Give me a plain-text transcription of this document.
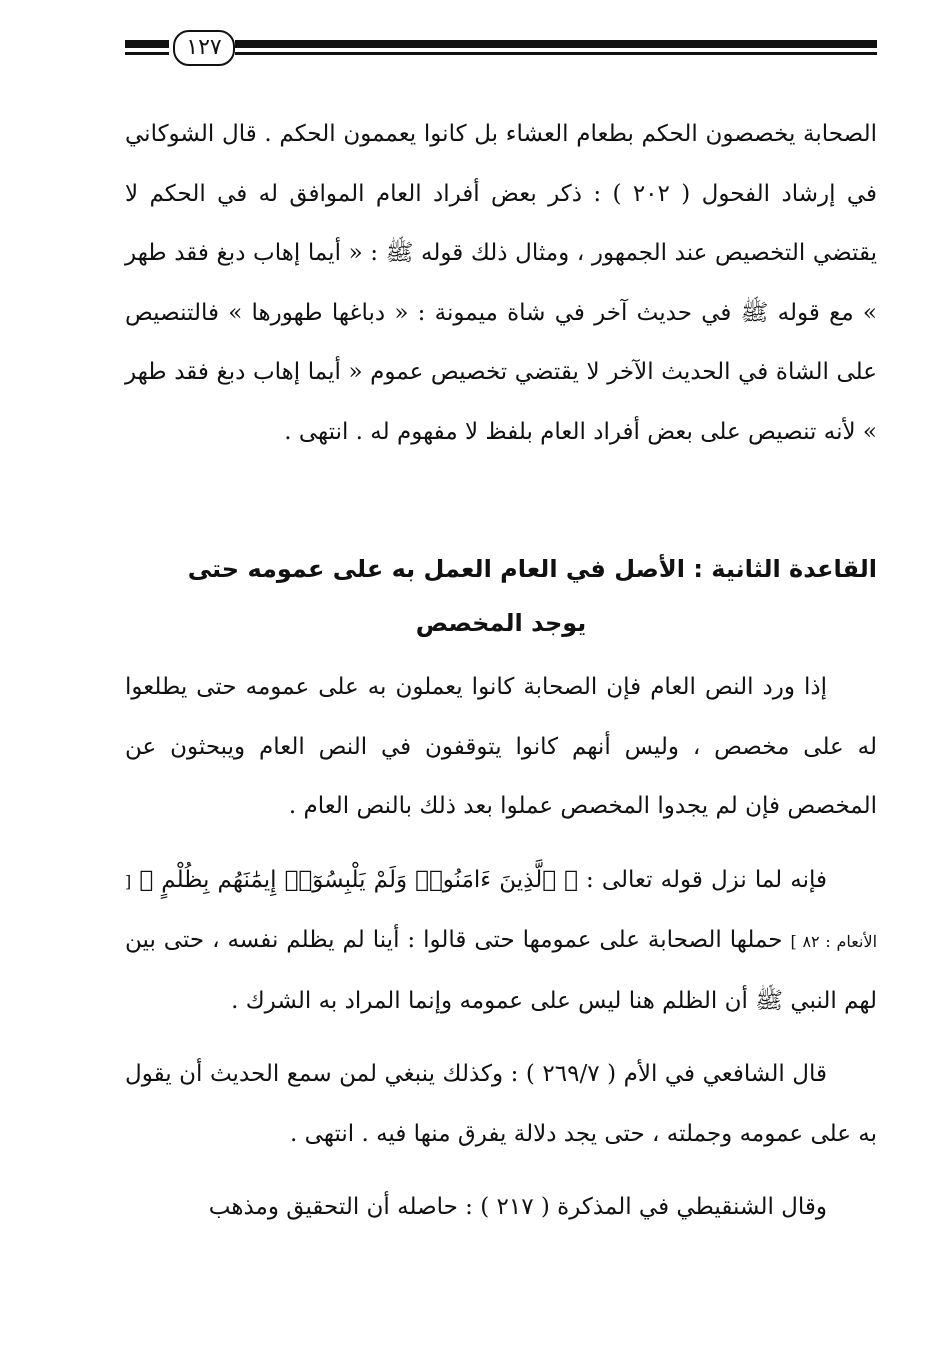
١٢٧

الصحابة يخصصون الحكم بطعام العشاء بل كانوا يعممون الحكم . قال الشوكاني في إرشاد الفحول ( ٢٠٢ ) : ذكر بعض أفراد العام الموافق له في الحكم لا يقتضي التخصيص عند الجمهور ، ومثال ذلك قوله ﷺ : « أيما إهاب دبغ فقد طهر » مع قوله ﷺ في حديث آخر في شاة ميمونة : « دباغها طهورها » فالتنصيص على الشاة في الحديث الآخر لا يقتضي تخصيص عموم « أيما إهاب دبغ فقد طهر » لأنه تنصيص على بعض أفراد العام بلفظ لا مفهوم له . انتهى .

القاعدة الثانية : الأصل في العام العمل به على عمومه حتى

يوجد المخصص

إذا ورد النص العام فإن الصحابة كانوا يعملون به على عمومه حتى يطلعوا له على مخصص ، وليس أنهم كانوا يتوقفون في النص العام ويبحثون عن المخصص فإن لم يجدوا المخصص عملوا بعد ذلك بالنص العام .

فإنه لما نزل قوله تعالى : ﴿ ٱلَّذِينَ ءَامَنُوا۟ وَلَمْ يَلْبِسُوٓا۟ إِيمَٰنَهُم بِظُلْمٍ ﴾ [ الأنعام : ٨٢ ] حملها الصحابة على عمومها حتى قالوا : أينا لم يظلم نفسه ، حتى بين لهم النبي ﷺ أن الظلم هنا ليس على عمومه وإنما المراد به الشرك .

قال الشافعي في الأم ( ٢٦٩/٧ ) : وكذلك ينبغي لمن سمع الحديث أن يقول به على عمومه وجملته ، حتى يجد دلالة يفرق منها فيه . انتهى .

وقال الشنقيطي في المذكرة ( ٢١٧ ) : حاصله أن التحقيق ومذهب
